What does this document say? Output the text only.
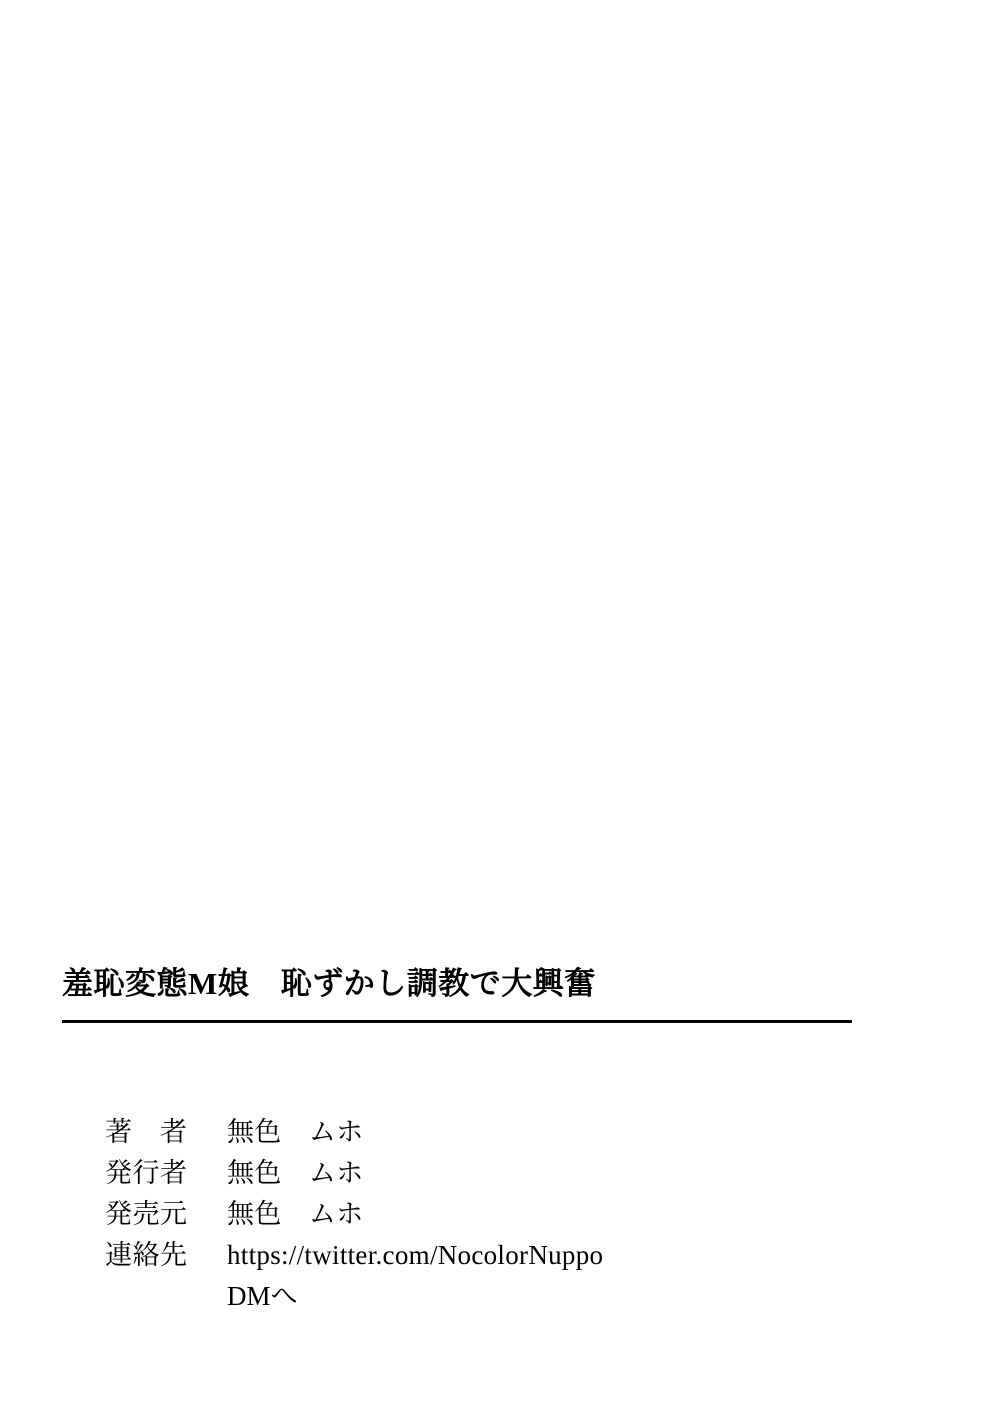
羞恥変態M娘　恥ずかし調教で大興奮
著　者	無色　ムホ
発行者	無色　ムホ
発売元	無色　ムホ
連絡先	https://twitter.com/NocolorNuppo
DMへ
